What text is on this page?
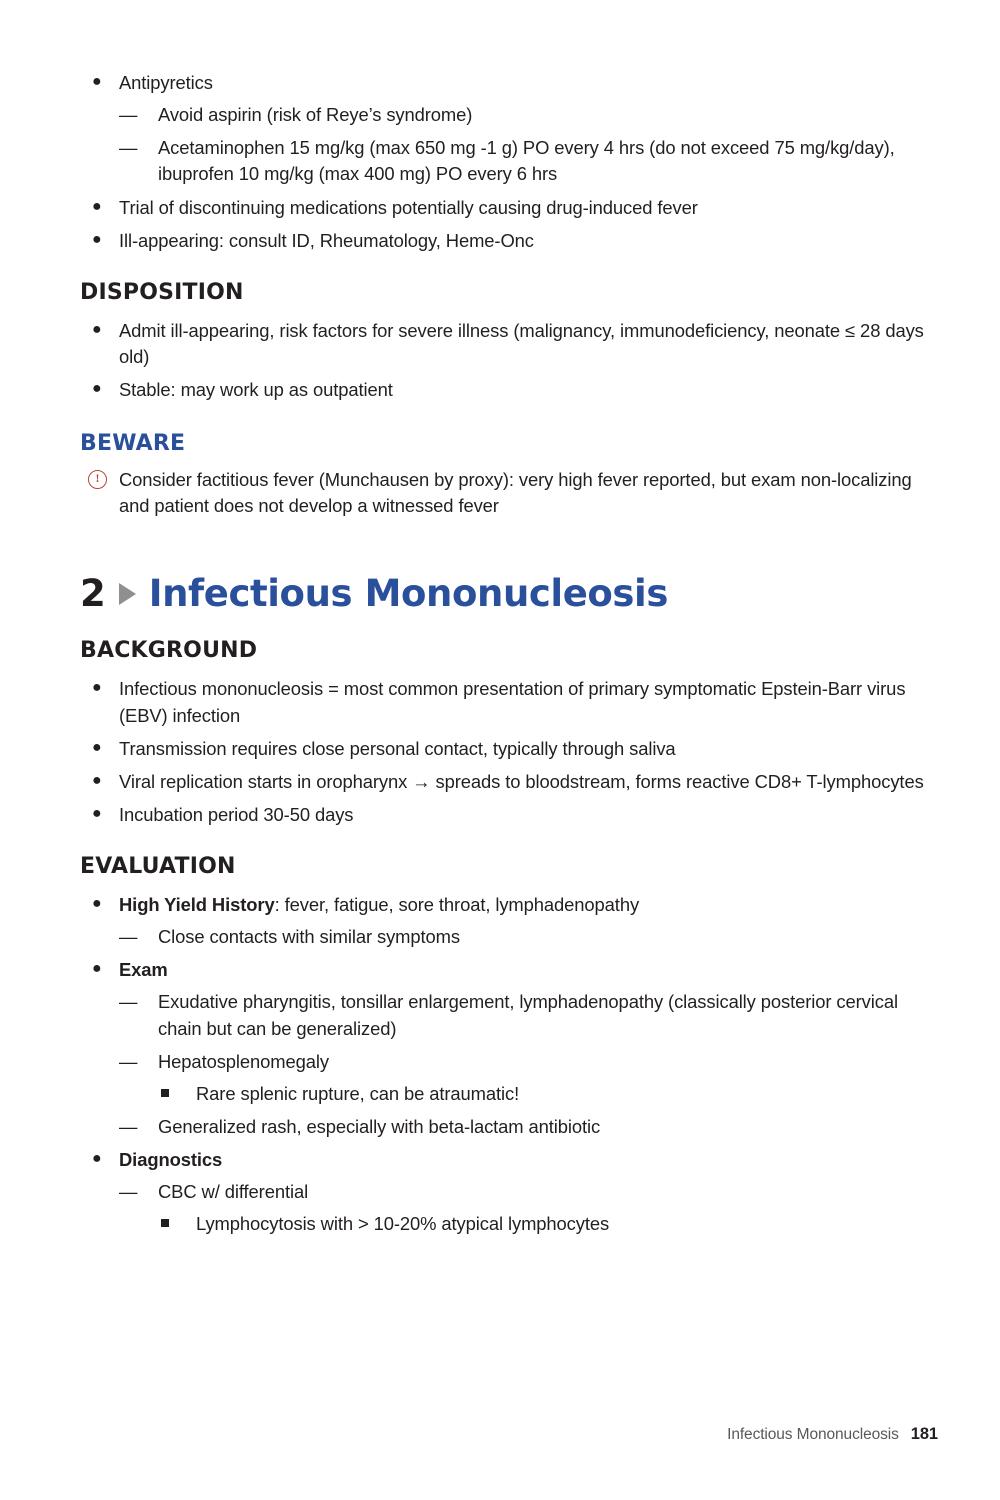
● Antipyretics
— Avoid aspirin (risk of Reye’s syndrome)
— Acetaminophen 15 mg/kg (max 650 mg -1 g) PO every 4 hrs (do not exceed 75 mg/kg/day), ibuprofen 10 mg/kg (max 400 mg) PO every 6 hrs
● Trial of discontinuing medications potentially causing drug-induced fever
● Ill-appearing: consult ID, Rheumatology, Heme-Onc
DISPOSITION
● Admit ill-appearing, risk factors for severe illness (malignancy, immunodeficiency, neonate ≤ 28 days old)
● Stable: may work up as outpatient
BEWARE
!	Consider factitious fever (Munchausen by proxy): very high fever reported, but exam non-localizing and patient does not develop a witnessed fever
2 Infectious Mononucleosis
BACKGROUND
● Infectious mononucleosis = most common presentation of primary symptomatic Epstein-Barr virus (EBV) infection
● Transmission requires close personal contact, typically through saliva
● Viral replication starts in oropharynx → spreads to bloodstream, forms reactive CD8+ T-lymphocytes
● Incubation period 30-50 days
EVALUATION
● High Yield History: fever, fatigue, sore throat, lymphadenopathy
— Close contacts with similar symptoms
● Exam
— Exudative pharyngitis, tonsillar enlargement, lymphadenopathy (classically posterior cervical chain but can be generalized)
— Hepatosplenomegaly
Rare splenic rupture, can be atraumatic!
— Generalized rash, especially with beta-lactam antibiotic
● Diagnostics
— CBC w/ differential
Lymphocytosis with > 10-20% atypical lymphocytes
Infectious Mononucleosis 181
